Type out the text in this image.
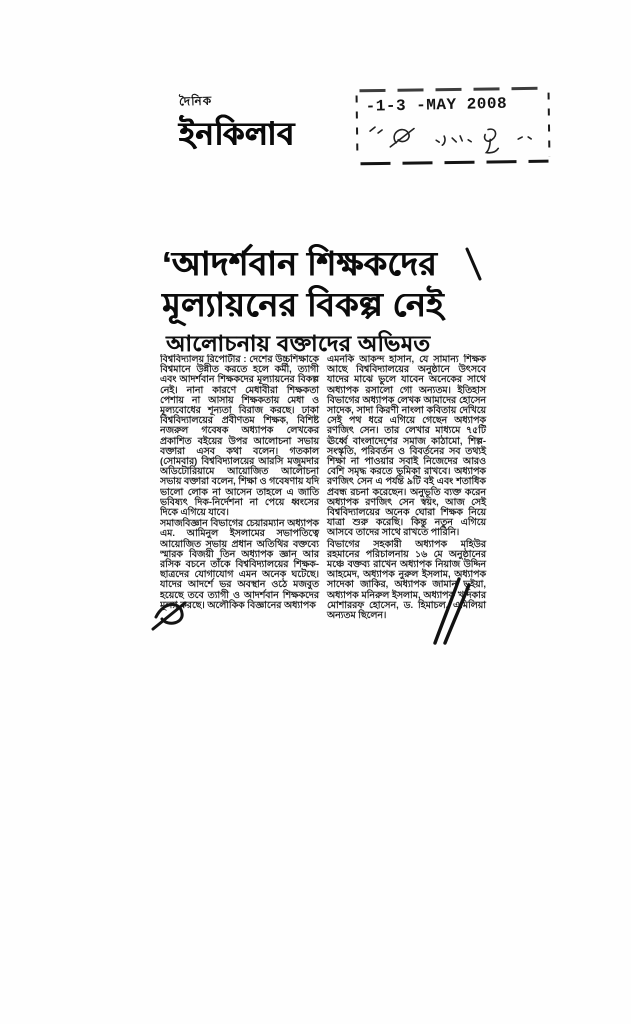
দৈনিক
ইনকিলাব
-1-3 -MAY 2008
‘আদর্শবান শিক্ষকদের
মূল্যায়নের বিকল্প নেই
আলোচনায় বক্তাদের অভিমত

বিশ্ববিদ্যালয় রিপোর্টার : দেশের উচ্চশিক্ষাকে বিশ্বমানে উন্নীত করতে হলে কর্মী, ত্যাগী এবং আদর্শবান শিক্ষকদের মূল্যায়নের বিকল্প নেই। নানা কারণে মেধাবীরা শিক্ষকতা পেশায় না আসায় শিক্ষকতায় মেধা ও মূল্যবোধের শূন্যতা বিরাজ করছে। ঢাকা বিশ্ববিদ্যালয়ের প্রবীণতম শিক্ষক, বিশিষ্ট নজরুল গবেষক অধ্যাপক লেখকের প্রকাশিত বইয়ের উপর আলোচনা সভায় বক্তারা এসব কথা বলেন। গতকাল (সোমবার) বিশ্ববিদ্যালয়ের আরসি মজুমদার অডিটোরিয়ামে আয়োজিত আলোচনা সভায় বক্তারা বলেন, শিক্ষা ও গবেষণায় যদি ভালো লোক না আসেন তাহলে এ জাতি ভবিষ্যৎ দিক-নির্দেশনা না পেয়ে ধ্বংসের দিকে এগিয়ে যাবে।

সমাজবিজ্ঞান বিভাগের চেয়ারম্যান অধ্যাপক এম. আমিনুল ইসলামের সভাপতিত্বে আয়োজিত সভায় প্রধান অতিথির বক্তব্যে স্মারক বিজয়ী তিন অধ্যাপক জ্ঞান আর রসিক বচনে তাঁকে বিশ্ববিদ্যালয়ের শিক্ষক-ছাত্রদের যোগাযোগ এমন অনেক ঘটেছে। যাদের আদর্শে ভর অবস্থান ওঠে মজবুত হয়েছে তবে ত্যাগী ও আদর্শবান শিক্ষকদের মূল্যা করছে। অলৌকিক বিজ্ঞানের অধ্যাপক

এমনকি আকন্দ হাসান, যে সামান্য শিক্ষক আছে বিশ্ববিদ্যালয়ের অনুষ্ঠানে উৎসবে যাদের মাঝে ভুলে যাবেন অনেকের সাথে অধ্যাপক রসালো গো অন্যতম। ইতিহাস বিভাগের অধ্যাপক লেখক আমাদের হোসেন সাদেক, সাদা কিরণী নাংলা কবিতায় দেখিয়ে সেই পথ ধরে এগিয়ে গেছেন অধ্যাপক রণজিৎ সেন। তার লেখার মাধ্যমে ৭৫টি ঊর্ধ্বে বাংলাদেশের সমাজ কাঠামো, শিল্প-সংস্কৃতি, পরিবর্তন ও বিবর্তনের সব তথ্যই শিক্ষা না পাওয়ার সবাই নিজেদের আরও বেশি সমৃদ্ধ করতে ভূমিকা রাখবে। অধ্যাপক রণজিৎ সেন এ পর্যন্ত ৯টি বই এবং শতাধিক প্রবন্ধ রচনা করেছেন। অনুভূতি ব্যক্ত করেন অধ্যাপক রণজিৎ সেন স্বয়ং, আজ সেই বিশ্ববিদ্যালয়ের অনেক ঘোরা শিক্ষক নিয়ে যাত্রা শুরু করেছি। কিন্তু নতুন এগিয়ে আসবে তাদের সাথে রাখতে পারিনি।

বিভাগের সহকারী অধ্যাপক মহিউর রহমানের পরিচালনায় ১৬ মে অনুষ্ঠানের মঞ্চে বক্তব্য রাখেন অধ্যাপক নিয়াজ উদ্দিন আহমেদ, অধ্যাপক নুরুল ইসলাম, অধ্যাপক সাদেকা জাকির, অধ্যাপক জামান ভূইয়া, অধ্যাপক মনিরুল ইসলাম, অধ্যাপক খন্দকার মোশাররফ হোসেন, ড. হিমাচল, এমিলিয়া অন্যতম ছিলেন।
